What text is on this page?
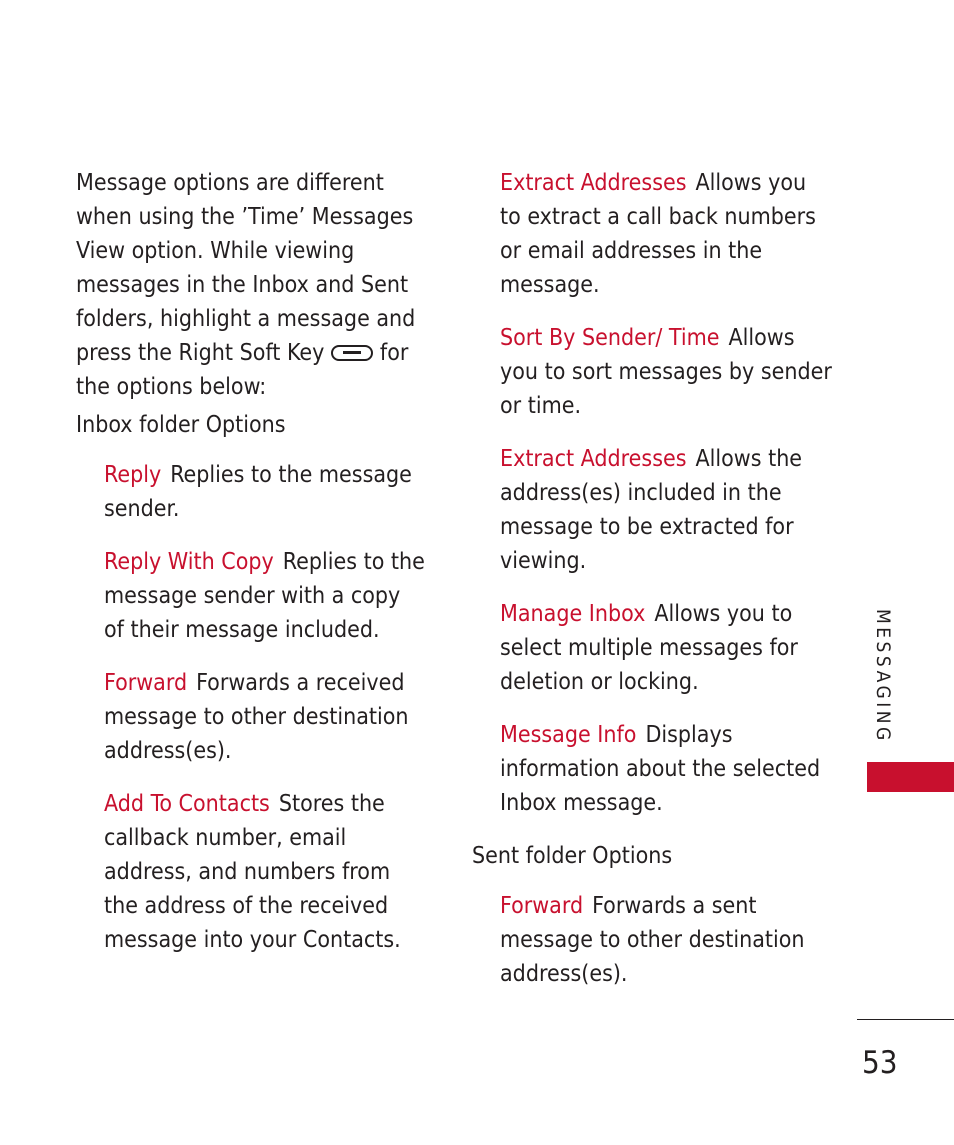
Message options are different when using the ’Time’ Messages View option. While viewing messages in the Inbox and Sent folders, highlight a message and press the Right Soft Key for the options below:

Inbox folder Options

Reply Replies to the message sender.

Reply With Copy Replies to the message sender with a copy of their message included.

Forward Forwards a received message to other destination address(es).

Add To Contacts Stores the callback number, email address, and numbers from the address of the received message into your Contacts.

Extract Addresses Allows you to extract a call back numbers or email addresses in the message.

Sort By Sender/ Time Allows you to sort messages by sender or time.

Extract Addresses Allows the address(es) included in the message to be extracted for viewing.

Manage Inbox Allows you to select multiple messages for deletion or locking.

Message Info Displays information about the selected Inbox message.

Sent folder Options

Forward Forwards a sent message to other destination address(es).

MESSAGING
53
